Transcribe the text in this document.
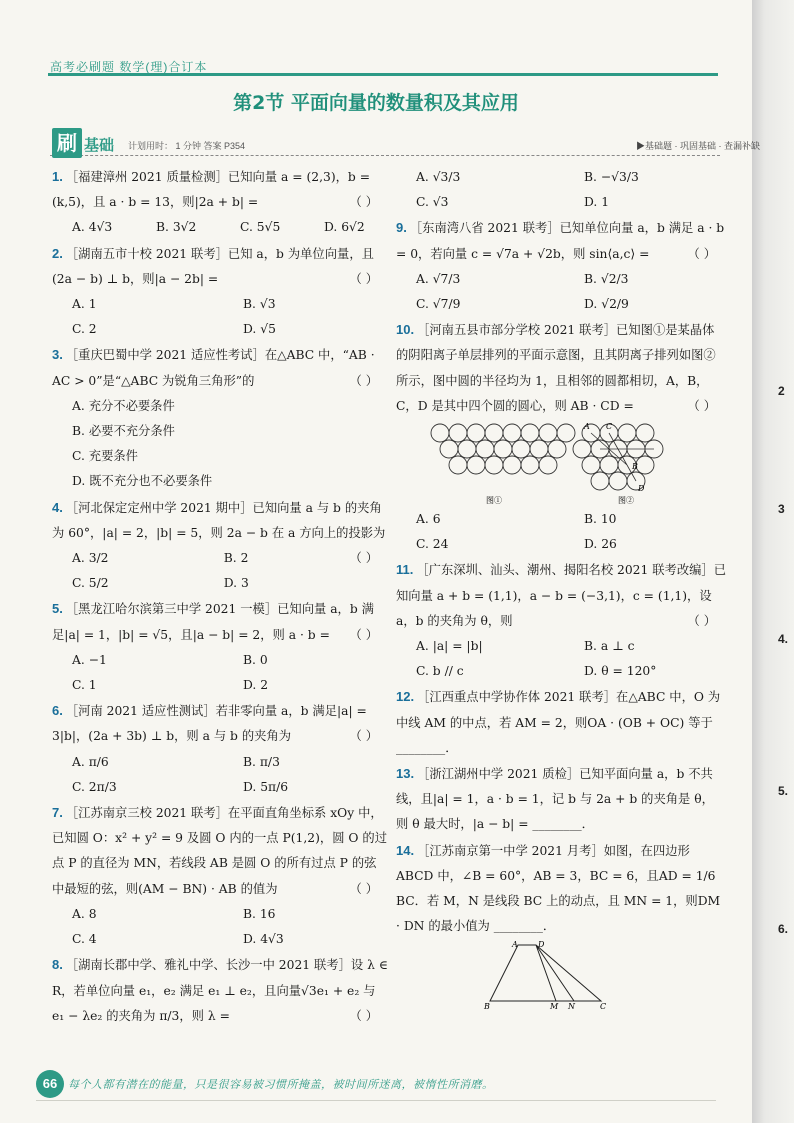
2
3
4.
5.
6.
高考必刷题 数学(理)合订本
第2节 平面向量的数量积及其应用
刷 基础 计划用时： 1 分钟 答案 P354	▶基础题 · 巩固基础 · 查漏补缺
1. ［福建漳州 2021 质量检测］已知向量 a = (2,3)，b = (k,5)，且 a · b = 13，则|2a + b| =	（ ）
A. 4√3	B. 3√2	C. 5√5	D. 6√2
2. ［湖南五市十校 2021 联考］已知 a，b 为单位向量，且(2a − b) ⊥ b，则|a − 2b| =	（ ）
A. 1	B. √3
C. 2	D. √5
3. ［重庆巴蜀中学 2021 适应性考试］在△ABC 中，“AB · AC > 0”是“△ABC 为锐角三角形”的	（ ）
A. 充分不必要条件
B. 必要不充分条件
C. 充要条件
D. 既不充分也不必要条件
4. ［河北保定定州中学 2021 期中］已知向量 a 与 b 的夹角为 60°，|a| = 2，|b| = 5，则 2a − b 在 a 方向上的投影为
（ ）
A. 3/2	B. 2
C. 5/2	D. 3
5. ［黑龙江哈尔滨第三中学 2021 一模］已知向量 a，b 满足|a| = 1，|b| = √5，且|a − b| = 2，则 a · b = （ ）
A. −1	B. 0
C. 1	D. 2
6. ［河南 2021 适应性测试］若非零向量 a，b 满足|a| = 3|b|，(2a + 3b) ⊥ b，则 a 与 b 的夹角为	（ ）
A. π/6	B. π/3
C. 2π/3	D. 5π/6
7. ［江苏南京三校 2021 联考］在平面直角坐标系 xOy 中，已知圆 O：x² + y² = 9 及圆 O 内的一点 P(1,2)，圆 O 的过点 P 的直径为 MN，若线段 AB 是圆 O 的所有过点 P 的弦中最短的弦，则(AM − BN) · AB 的值为	（ ）
A. 8	B. 16
C. 4	D. 4√3
8. ［湖南长郡中学、雅礼中学、长沙一中 2021 联考］设 λ ∈ R，若单位向量 e₁，e₂ 满足 e₁ ⊥ e₂，且向量√3e₁ + e₂ 与 e₁ − λe₂ 的夹角为 π/3，则 λ =	（ ）
A. √3/3	B. −√3/3
C. √3	D. 1
9. ［东南湾八省 2021 联考］已知单位向量 a，b 满足 a · b = 0，若向量 c = √7a + √2b，则 sin⟨a,c⟩ =	（ ）
A. √7/3	B. √2/3
C. √7/9	D. √2/9
10. ［河南五县市部分学校 2021 联考］已知图①是某晶体的阴阳离子单层排列的平面示意图，且其阴离子排列如图②所示，图中圆的半径均为 1，且相邻的圆都相切，A，B，C，D 是其中四个圆的圆心，则 AB · CD =	（ ）
A
B
C
D
图①	图②
A. 6	B. 10
C. 24	D. 26
11. ［广东深圳、汕头、潮州、揭阳名校 2021 联考改编］已知向量 a + b = (1,1)，a − b = (−3,1)，c = (1,1)，设 a，b 的夹角为 θ，则	（ ）
A. |a| = |b|	B. a ⊥ c
C. b // c	D. θ = 120°
12. ［江西重点中学协作体 2021 联考］在△ABC 中，O 为中线 AM 的中点，若 AM = 2，则OA · (OB + OC) 等于 ________．
13. ［浙江湖州中学 2021 质检］已知平面向量 a，b 不共线，且|a| = 1，a · b = 1，记 b 与 2a + b 的夹角是 θ，则 θ 最大时，|a − b| = ________．
14. ［江苏南京第一中学 2021 月考］如图，在四边形 ABCD 中，∠B = 60°，AB = 3，BC = 6，且AD = 1/6 BC．若 M，N 是线段 BC 上的动点，且 MN = 1，则DM · DN 的最小值为 ________．
A	D
B	M N	C
66 每个人都有潜在的能量，只是很容易被习惯所掩盖，被时间所迷离，被惰性所消磨。
